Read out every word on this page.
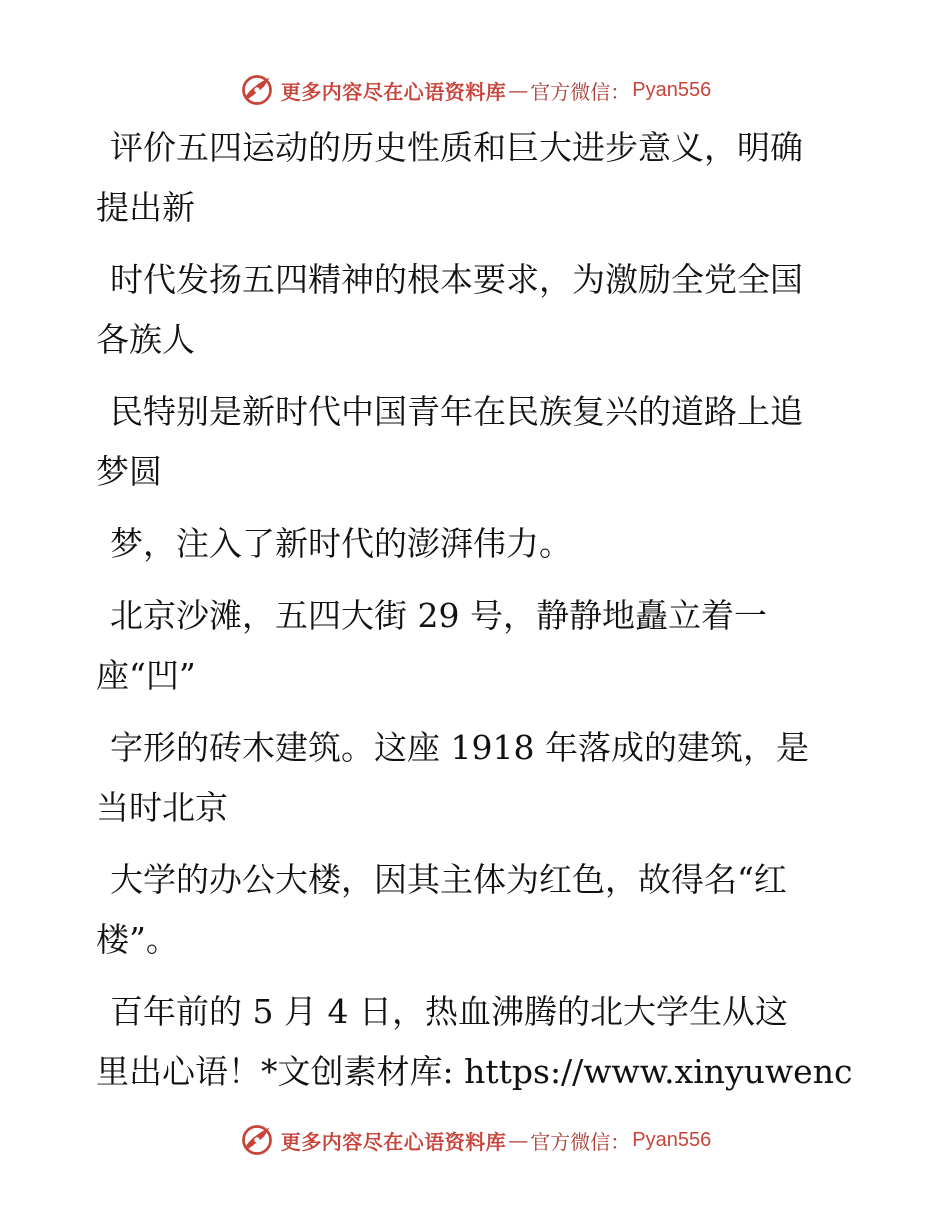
更多内容尽在心语资料库 — 官方微信： Pyan556
评价五四运动的历史性质和巨大进步意义，明确
提出新
时代发扬五四精神的根本要求，为激励全党全国
各族人
民特别是新时代中国青年在民族复兴的道路上追
梦圆
梦，注入了新时代的澎湃伟力。
北京沙滩，五四大街 29 号，静静地矗立着一
座“凹”
字形的砖木建筑。这座 1918 年落成的建筑，是
当时北京
大学的办公大楼，因其主体为红色，故得名“红
楼”。
百年前的 5 月 4 日，热血沸腾的北大学生从这
里出心语！*文创素材库: https://www.xinyuwenc
更多内容尽在心语资料库 — 官方微信： Pyan556
